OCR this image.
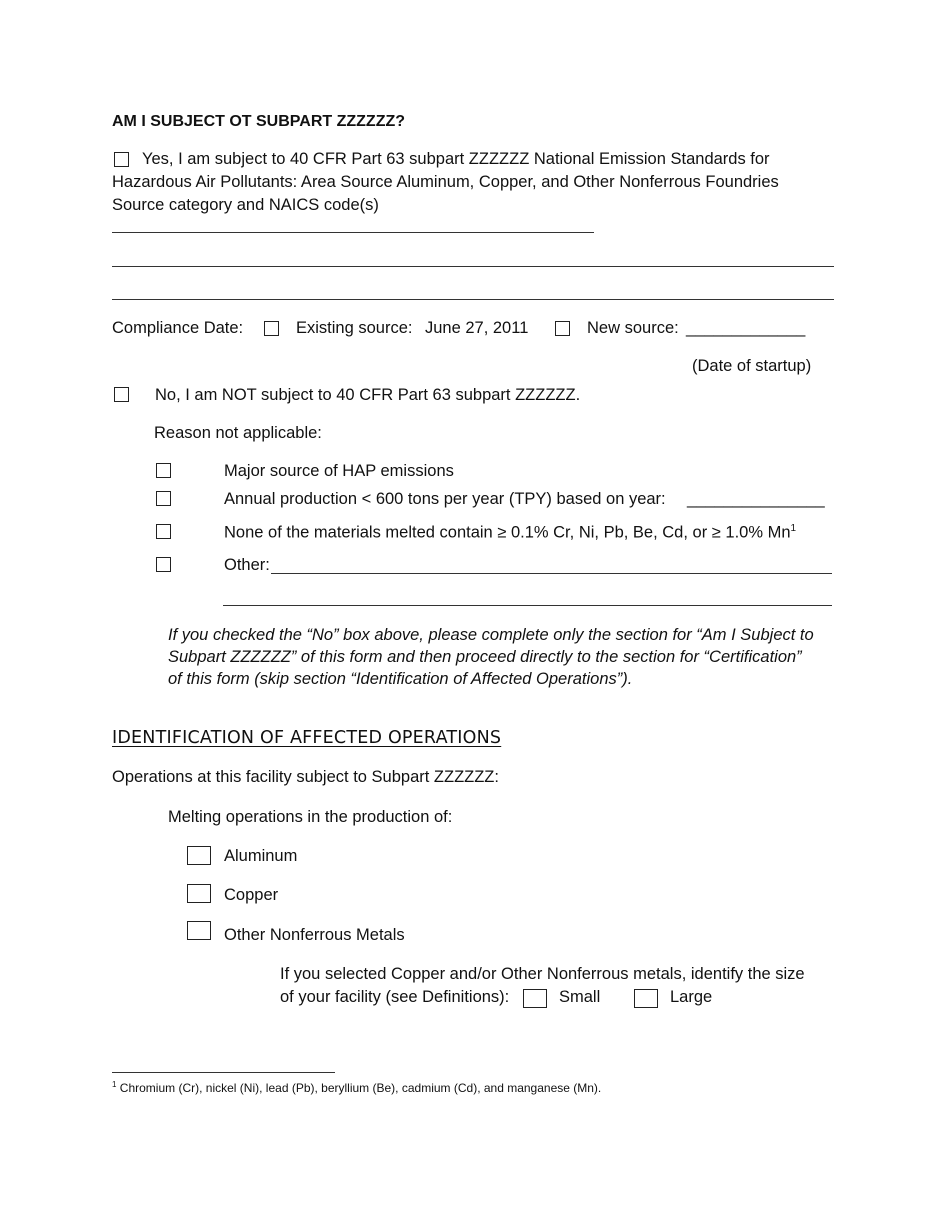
AM I SUBJECT OT SUBPART ZZZZZZ?
Yes, I am subject to 40 CFR Part 63 subpart ZZZZZZ National Emission Standards for
Hazardous Air Pollutants: Area Source Aluminum, Copper, and Other Nonferrous Foundries
Source category and NAICS code(s)
Compliance Date:	Existing source: June 27, 2011	New source: _____________
(Date of startup)
No, I am NOT subject to 40 CFR Part 63 subpart ZZZZZZ.
Reason not applicable:
Major source of HAP emissions
Annual production < 600 tons per year (TPY) based on year: _______________
None of the materials melted contain ≥ 0.1% Cr, Ni, Pb, Be, Cd, or ≥ 1.0% Mn$^1$
Other:
If you checked the “No” box above, please complete only the section for “Am I Subject to
Subpart ZZZZZZ” of this form and then proceed directly to the section for “Certification”
of this form (skip section “Identification of Affected Operations”).
IDENTIFICATION OF AFFECTED OPERATIONS
Operations at this facility subject to Subpart ZZZZZZ:
Melting operations in the production of:
Aluminum
Copper
Other Nonferrous Metals
If you selected Copper and/or Other Nonferrous metals, identify the size
of your facility (see Definitions):	Small	Large
$^1$ Chromium (Cr), nickel (Ni), lead (Pb), beryllium (Be), cadmium (Cd), and manganese (Mn).
